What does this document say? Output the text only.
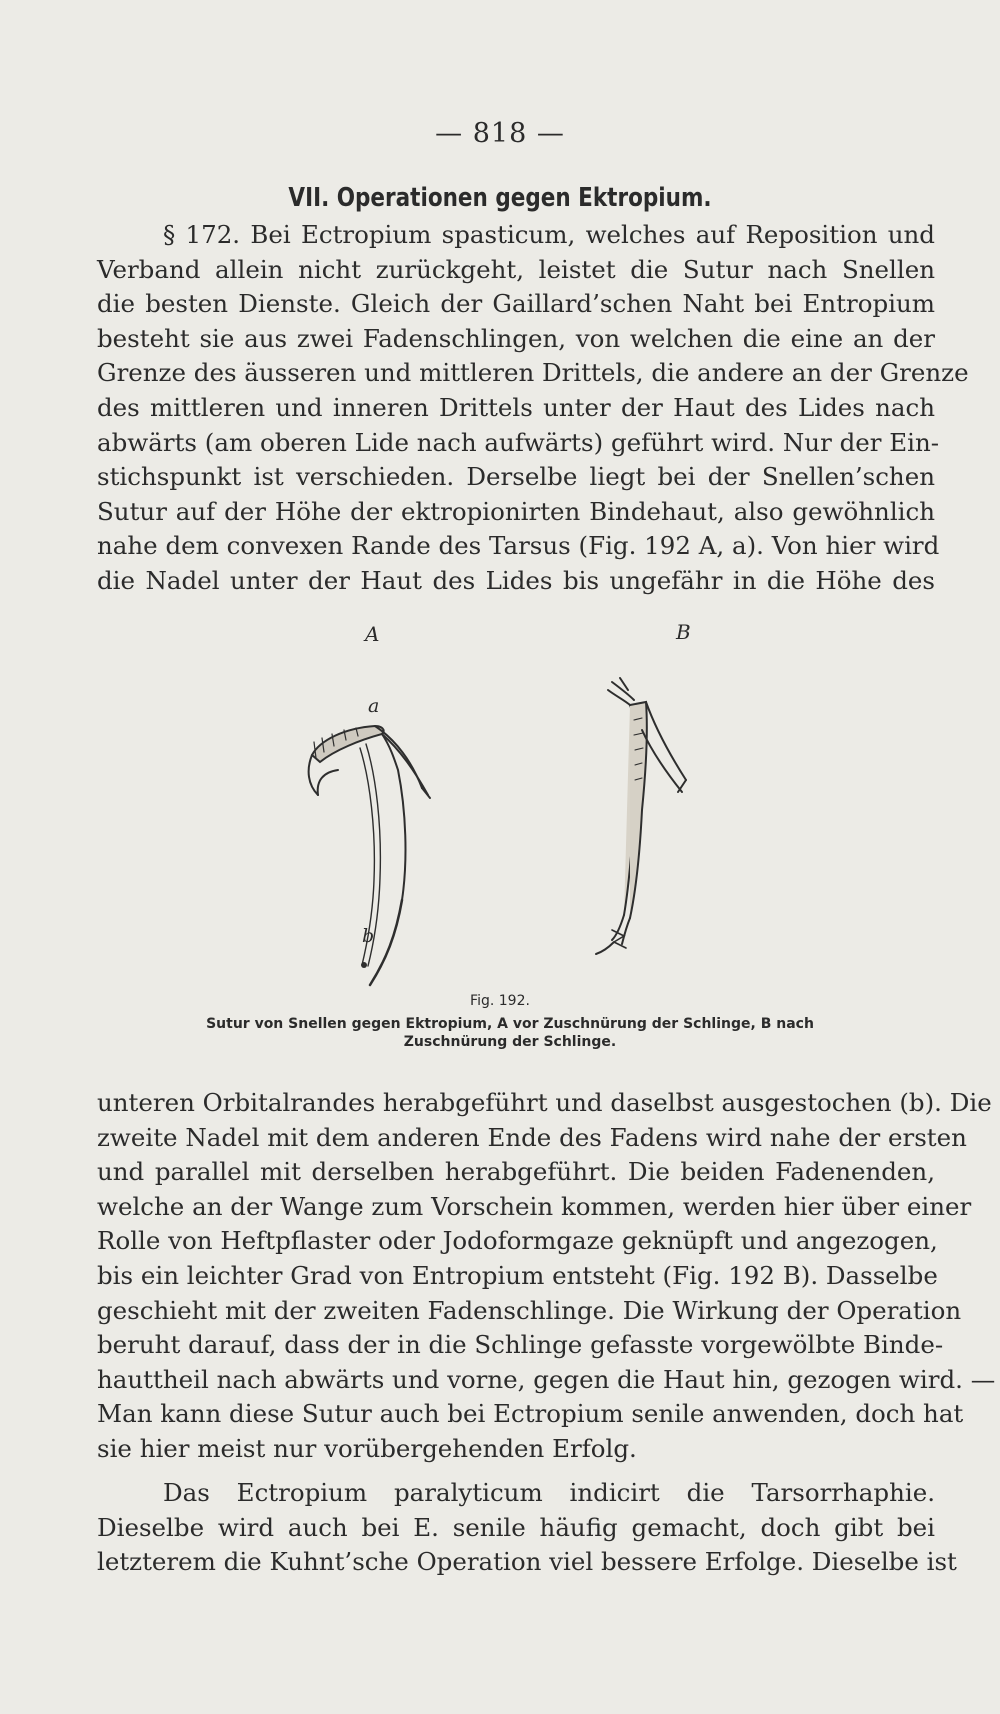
— 818 —
VII. Operationen gegen Ektropium.
§ 172. Bei Ectropium spasticum, welches auf Reposition und
Verband allein nicht zurückgeht, leistet die Sutur nach Snellen
die besten Dienste. Gleich der Gaillard’schen Naht bei Entropium
besteht sie aus zwei Fadenschlingen, von welchen die eine an der
Grenze des äusseren und mittleren Drittels, die andere an der Grenze
des mittleren und inneren Drittels unter der Haut des Lides nach
abwärts (am oberen Lide nach aufwärts) geführt wird. Nur der Ein-
stichspunkt ist verschieden. Derselbe liegt bei der Snellen’schen
Sutur auf der Höhe der ektropionirten Bindehaut, also gewöhnlich
nahe dem convexen Rande des Tarsus (Fig. 192 A, a). Von hier wird
die Nadel unter der Haut des Lides bis ungefähr in die Höhe des
A	B
a
b
Fig. 192.
Sutur von Snellen gegen Ektropium, A vor Zuschnürung der Schlinge, B nach
Zuschnürung der Schlinge.
unteren Orbitalrandes herabgeführt und daselbst ausgestochen (b). Die
zweite Nadel mit dem anderen Ende des Fadens wird nahe der ersten
und parallel mit derselben herabgeführt. Die beiden Fadenenden,
welche an der Wange zum Vorschein kommen, werden hier über einer
Rolle von Heftpflaster oder Jodoformgaze geknüpft und angezogen,
bis ein leichter Grad von Entropium entsteht (Fig. 192 B). Dasselbe
geschieht mit der zweiten Fadenschlinge. Die Wirkung der Operation
beruht darauf, dass der in die Schlinge gefasste vorgewölbte Binde-
hauttheil nach abwärts und vorne, gegen die Haut hin, gezogen wird. —
Man kann diese Sutur auch bei Ectropium senile anwenden, doch hat
sie hier meist nur vorübergehenden Erfolg.
Das Ectropium paralyticum indicirt die Tarsorrhaphie.
Dieselbe wird auch bei E. senile häufig gemacht, doch gibt bei
letzterem die Kuhnt’sche Operation viel bessere Erfolge. Dieselbe ist
